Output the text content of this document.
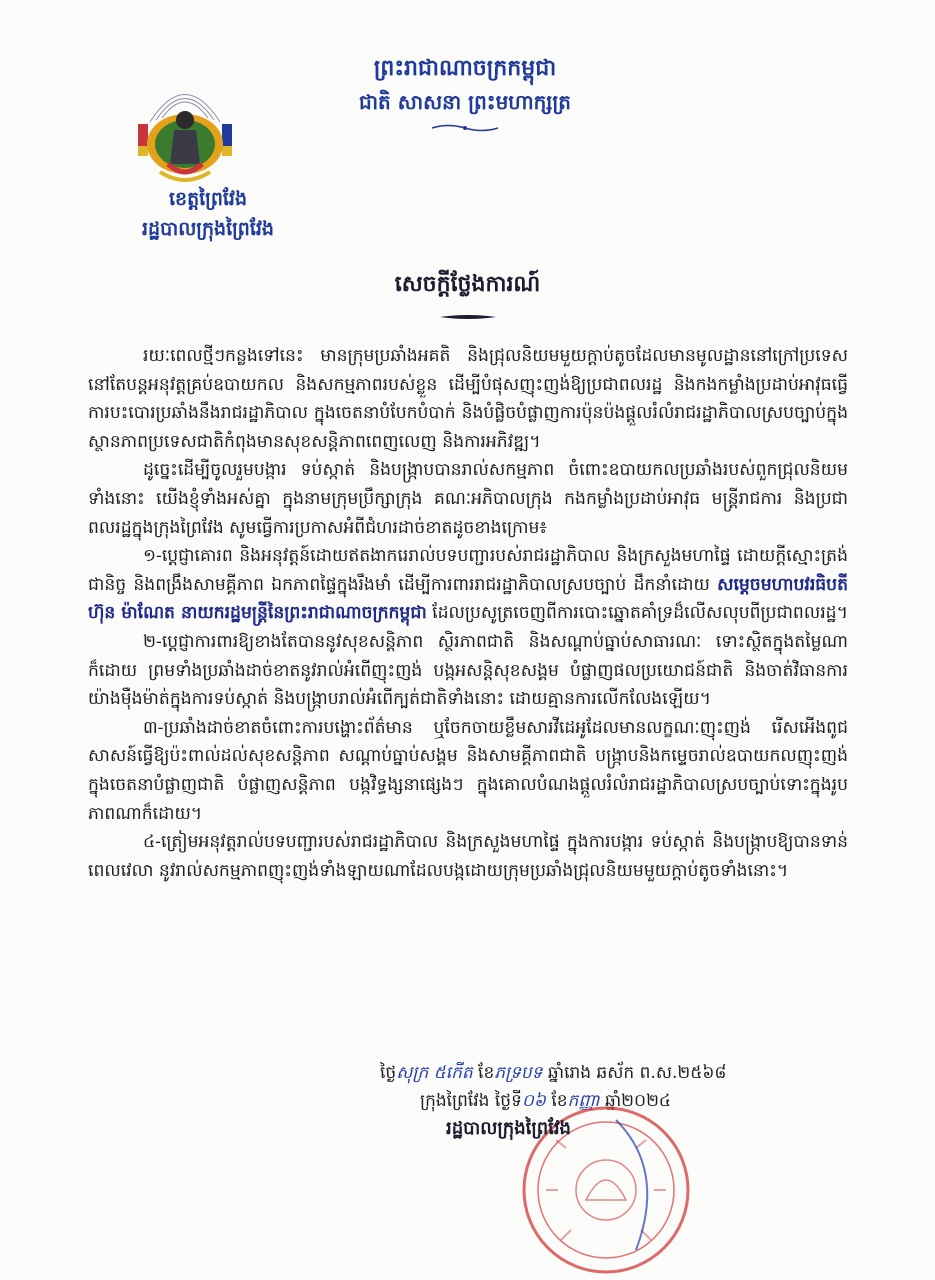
ព្រះរាជាណាចក្រកម្ពុជា
ជាតិ សាសនា ព្រះមហាក្សត្រ
ខេត្តព្រៃវែង
រដ្ឋបាលក្រុងព្រៃវែង
សេចក្តីថ្លែងការណ៍

រយៈពេលថ្មីៗកន្លងទៅនេះ មានក្រុមប្រឆាំងអគតិ និងជ្រុលនិយមមួយក្តាប់តូចដែលមានមូលដ្ឋាននៅក្រៅប្រទេសនៅតែបន្តអនុវត្តគ្រប់ឧបាយកល និងសកម្មភាពរបស់ខ្លួន ដើម្បីបំផុសញុះញង់ឱ្យប្រជាពលរដ្ឋ និងកងកម្លាំងប្រដាប់អាវុធធ្វើការបះបោរប្រឆាំងនឹងរាជរដ្ឋាភិបាល ក្នុងចេតនាបំបែកបំបាក់ និងបំផ្លិចបំផ្លាញការប៉ុនប៉ងផ្តួលរំលំរាជរដ្ឋាភិបាលស្របច្បាប់ក្នុងស្ថានភាពប្រទេសជាតិកំពុងមានសុខសន្តិភាពពេញលេញ និងការអភិវឌ្ឍ។

ដូច្នេះដើម្បីចូលរួមបង្ការ ទប់ស្កាត់ និងបង្ក្រាបបានរាល់សកម្មភាព ចំពោះឧបាយកលប្រឆាំងរបស់ពួកជ្រុលនិយមទាំងនោះ យើងខ្ញុំទាំងអស់គ្នា ក្នុងនាមក្រុមប្រឹក្សាក្រុង គណៈអភិបាលក្រុង កងកម្លាំងប្រដាប់អាវុធ មន្ត្រីរាជការ និងប្រជាពលរដ្ឋក្នុងក្រុងព្រៃវែង សូមធ្វើការប្រកាសអំពីជំហរដាច់ខាតដូចខាងក្រោម៖

១-ប្តេជ្ញាគោរព និងអនុវត្តន៍ដោយឥតងាករេរាល់បទបញ្ជារបស់រាជរដ្ឋាភិបាល និងក្រសួងមហាផ្ទៃ ដោយក្តីស្មោះត្រង់ជានិច្ច និងពង្រឹងសាមគ្គីភាព ឯកភាពផ្ទៃក្នុងរឹងមាំ ដើម្បីការពាររាជរដ្ឋាភិបាលស្របច្បាប់ ដឹកនាំដោយ សម្តេចមហាបវរធិបតី ហ៊ុន ម៉ាណែត នាយករដ្ឋមន្ត្រីនៃព្រះរាជាណាចក្រកម្ពុជា ដែលប្រសូត្រចេញពីការបោះឆ្នោតគាំទ្រដ៏លើសលុបពីប្រជាពលរដ្ឋ។

២-ប្តេជ្ញាការពារឱ្យខាងតែបាននូវសុខសន្តិភាព ស្ថិរភាពជាតិ និងសណ្តាប់ធ្នាប់សាធារណៈ ទោះស្ថិតក្នុងតម្លៃណាក៏ដោយ ព្រមទាំងប្រឆាំងដាច់ខាតនូវរាល់អំពើញុះញង់ បង្កអសន្តិសុខសង្គម បំផ្លាញផលប្រយោជន៍ជាតិ និងចាត់វិធានការយ៉ាងម៉ឺងម៉ាត់ក្នុងការទប់ស្កាត់ និងបង្ក្រាបរាល់អំពើក្បត់ជាតិទាំងនោះ ដោយគ្មានការលើកលែងឡើយ។

៣-ប្រឆាំងដាច់ខាតចំពោះការបង្ហោះព័ត៌មាន ឬចែកចាយខ្លឹមសារវីដេអូដែលមានលក្ខណៈញុះញង់ រើសអើងពូជសាសន៍ធ្វើឱ្យប៉ះពាល់ដល់សុខសន្តិភាព សណ្តាប់ធ្នាប់សង្គម និងសាមគ្គីភាពជាតិ បង្ក្រាបនិងកម្ទេចរាល់ឧបាយកលញុះញង់ ក្នុងចេតនាបំផ្លាញជាតិ បំផ្លាញសន្តិភាព បង្កវិទ្ធង្សនាផ្សេងៗ ក្នុងគោលបំណងផ្តួលរំលំរាជរដ្ឋាភិបាលស្របច្បាប់ទោះក្នុងរូបភាពណាក៏ដោយ។

៤-ត្រៀមអនុវត្តរាល់បទបញ្ជារបស់រាជរដ្ឋាភិបាល និងក្រសួងមហាផ្ទៃ ក្នុងការបង្ការ ទប់ស្កាត់ និងបង្ក្រាបឱ្យបានទាន់ពេលវេលា នូវរាល់សកម្មភាពញុះញង់ទាំងឡាយណាដែលបង្កដោយក្រុមប្រឆាំងជ្រុលនិយមមួយក្តាប់តូចទាំងនោះ។

ថ្ងៃសុក្រ ៥កើត ខែភទ្របទ ឆ្នាំរោង ឆស័ក ព.ស.២៥៦៨
ក្រុងព្រៃវែង ថ្ងៃទី០៦ ខែកញ្ញា ឆ្នាំ២០២៤
រដ្ឋបាលក្រុងព្រៃវែង
